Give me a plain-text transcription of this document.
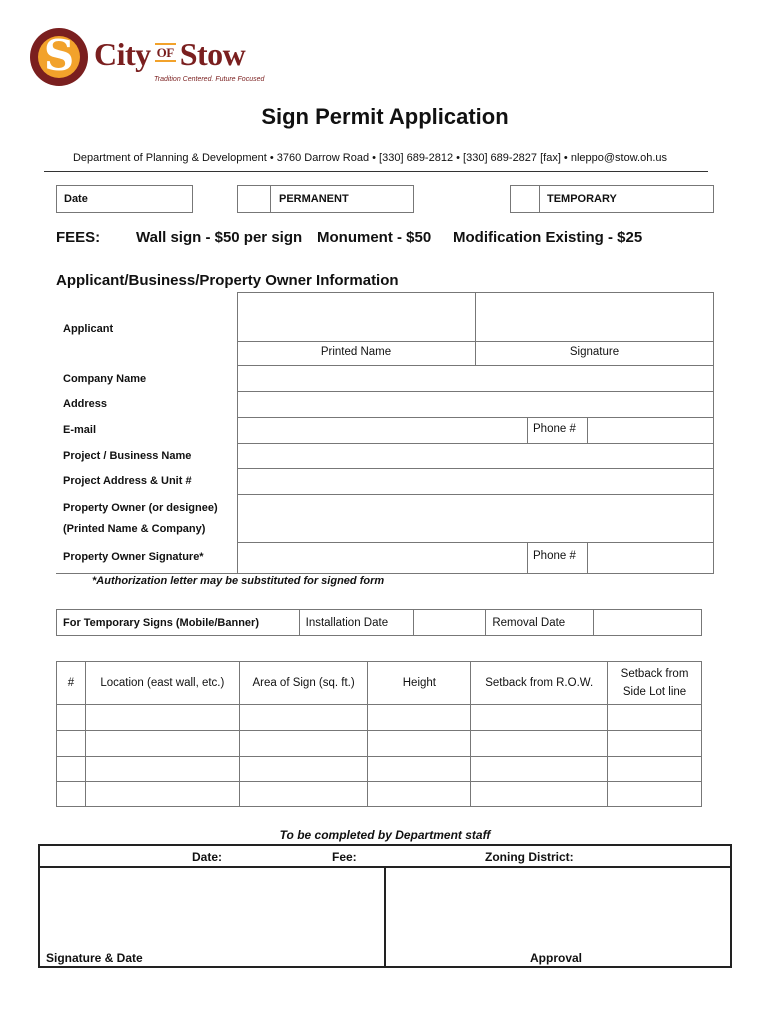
S City OF Stow
Tradition Centered. Future Focused
Sign Permit Application
Department of Planning & Development • 3760 Darrow Road • [330] 689-2812 • [330] 689-2827 [fax] • nleppo@stow.oh.us
Date	PERMANENT	TEMPORARY
FEES: Wall sign - $50 per sign Monument - $50 Modification Existing - $25
Applicant/Business/Property Owner Information
Applicant
Printed Name	Signature
Company Name
Address
E-mail	Phone #
Project / Business Name
Project Address & Unit #
Property Owner (or designee)
(Printed Name & Company)
Property Owner Signature*	Phone #
*Authorization letter may be substituted for signed form
For Temporary Signs (Mobile/Banner)	Installation Date		Removal Date	
#	Location (east wall, etc.)	Area of Sign (sq. ft.)	Height	Setback from R.O.W.	Setback from Side Lot line

To be completed by Department staff
Date:	Fee:	Zoning District:
Signature & Date	Approval
